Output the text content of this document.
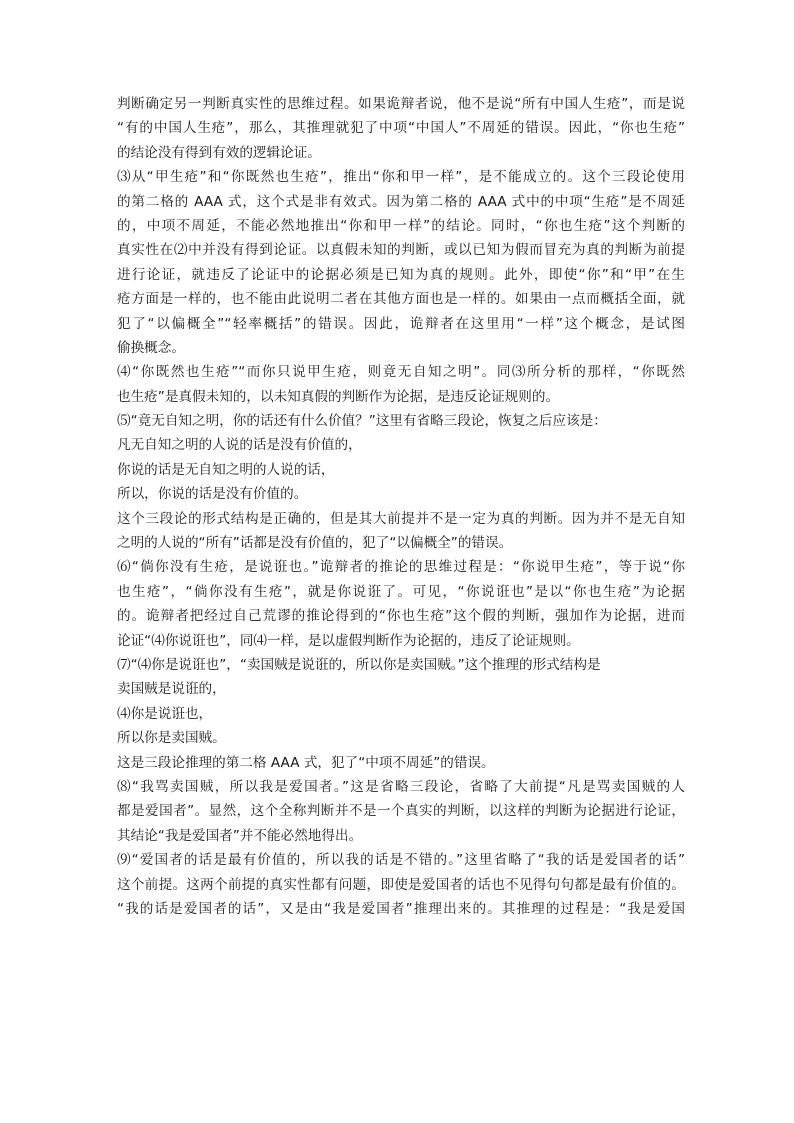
判断确定另一判断真实性的思维过程。如果诡辩者说，他不是说“所有中国人生疮”，而是说
“有的中国人生疮”，那么，其推理就犯了中项“中国人”不周延的错误。因此，“你也生疮”
的结论没有得到有效的逻辑论证。
⑶从“甲生疮”和“你既然也生疮”，推出“你和甲一样”，是不能成立的。这个三段论使用
的第二格的 AAA 式，这个式是非有效式。因为第二格的 AAA 式中的中项“生疮”是不周延
的，中项不周延，不能必然地推出“你和甲一样”的结论。同时，“你也生疮”这个判断的
真实性在⑵中并没有得到论证。以真假未知的判断，或以已知为假而冒充为真的判断为前提
进行论证，就违反了论证中的论据必须是已知为真的规则。此外，即使“你”和“甲”在生
疮方面是一样的，也不能由此说明二者在其他方面也是一样的。如果由一点而概括全面，就
犯了“以偏概全”“轻率概括”的错误。因此，诡辩者在这里用“一样”这个概念，是试图
偷换概念。
⑷“你既然也生疮”“而你只说甲生疮，则竟无自知之明”。同⑶所分析的那样，“你既然
也生疮”是真假未知的，以未知真假的判断作为论据，是违反论证规则的。
⑸“竟无自知之明，你的话还有什么价值？”这里有省略三段论，恢复之后应该是：
凡无自知之明的人说的话是没有价值的，
你说的话是无自知之明的人说的话，
所以，你说的话是没有价值的。
这个三段论的形式结构是正确的，但是其大前提并不是一定为真的判断。因为并不是无自知
之明的人说的“所有”话都是没有价值的，犯了“以偏概全”的错误。
⑹“倘你没有生疮，是说诳也。”诡辩者的推论的思维过程是：“你说甲生疮”，等于说“你
也生疮”，“倘你没有生疮”，就是你说诳了。可见，“你说诳也”是以“你也生疮”为论据
的。诡辩者把经过自己荒谬的推论得到的“你也生疮”这个假的判断，强加作为论据，进而
论证“⑷你说诳也”，同⑷一样，是以虚假判断作为论据的，违反了论证规则。
⑺“⑷你是说诳也”，“卖国贼是说诳的，所以你是卖国贼。”这个推理的形式结构是
卖国贼是说诳的，
⑷你是说诳也，
所以你是卖国贼。
这是三段论推理的第二格 AAA 式，犯了“中项不周延”的错误。
⑻“我骂卖国贼，所以我是爱国者。”这是省略三段论，省略了大前提“凡是骂卖国贼的人
都是爱国者”。显然，这个全称判断并不是一个真实的判断，以这样的判断为论据进行论证，
其结论“我是爱国者”并不能必然地得出。
⑼“爱国者的话是最有价值的，所以我的话是不错的。”这里省略了“我的话是爱国者的话”
这个前提。这两个前提的真实性都有问题，即使是爱国者的话也不见得句句都是最有价值的。
“我的话是爱国者的话”，又是由“我是爱国者”推理出来的。其推理的过程是：“我是爱国
